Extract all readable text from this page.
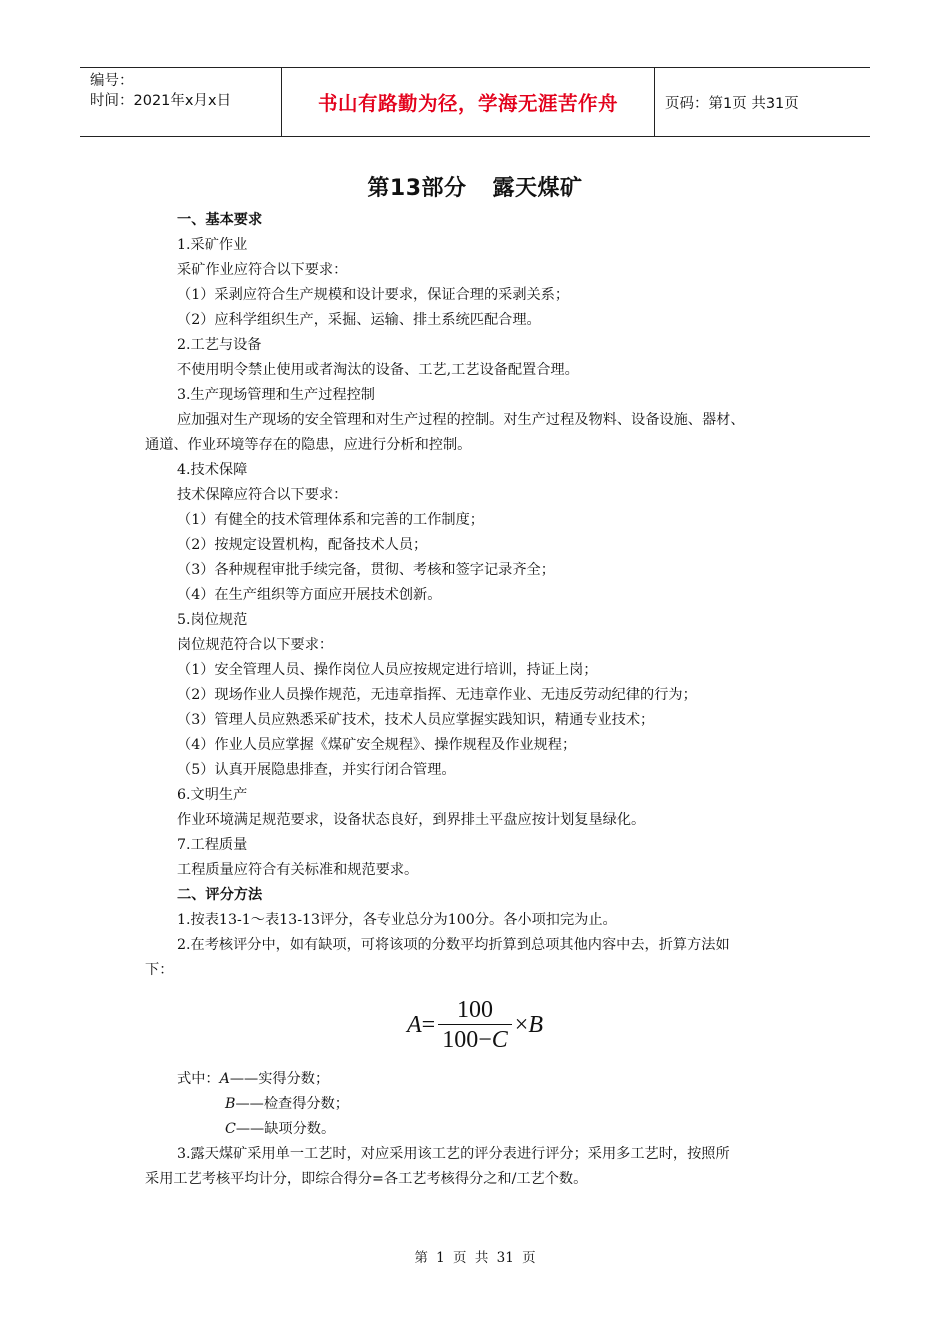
编号：
时间：2021年x月x日	书山有路勤为径，学海无涯苦作舟	页码：第1页 共31页
第13部分 露天煤矿
一、基本要求
1.采矿作业
采矿作业应符合以下要求：
（1）采剥应符合生产规模和设计要求，保证合理的采剥关系；
（2）应科学组织生产，采掘、运输、排土系统匹配合理。
2.工艺与设备
不使用明令禁止使用或者淘汰的设备、工艺,工艺设备配置合理。
3.生产现场管理和生产过程控制
应加强对生产现场的安全管理和对生产过程的控制。对生产过程及物料、设备设施、器材、
通道、作业环境等存在的隐患，应进行分析和控制。
4.技术保障
技术保障应符合以下要求：
（1）有健全的技术管理体系和完善的工作制度；
（2）按规定设置机构，配备技术人员；
（3）各种规程审批手续完备，贯彻、考核和签字记录齐全；
（4）在生产组织等方面应开展技术创新。
5.岗位规范
岗位规范符合以下要求：
（1）安全管理人员、操作岗位人员应按规定进行培训，持证上岗；
（2）现场作业人员操作规范，无违章指挥、无违章作业、无违反劳动纪律的行为；
（3）管理人员应熟悉采矿技术，技术人员应掌握实践知识，精通专业技术；
（4）作业人员应掌握《煤矿安全规程》、操作规程及作业规程；
（5）认真开展隐患排查，并实行闭合管理。
6.文明生产
作业环境满足规范要求，设备状态良好，到界排土平盘应按计划复垦绿化。
7.工程质量
工程质量应符合有关标准和规范要求。
二、评分方法
1.按表13-1～表13-13评分，各专业总分为100分。各小项扣完为止。
2.在考核评分中，如有缺项，可将该项的分数平均折算到总项其他内容中去，折算方法如
下：
$A = \frac{100}{100-C} \times B$
式中：A——实得分数；
B——检查得分数；
C——缺项分数。
3.露天煤矿采用单一工艺时，对应采用该工艺的评分表进行评分；采用多工艺时，按照所
采用工艺考核平均计分，即综合得分=各工艺考核得分之和/工艺个数。
第 1 页 共 31 页
